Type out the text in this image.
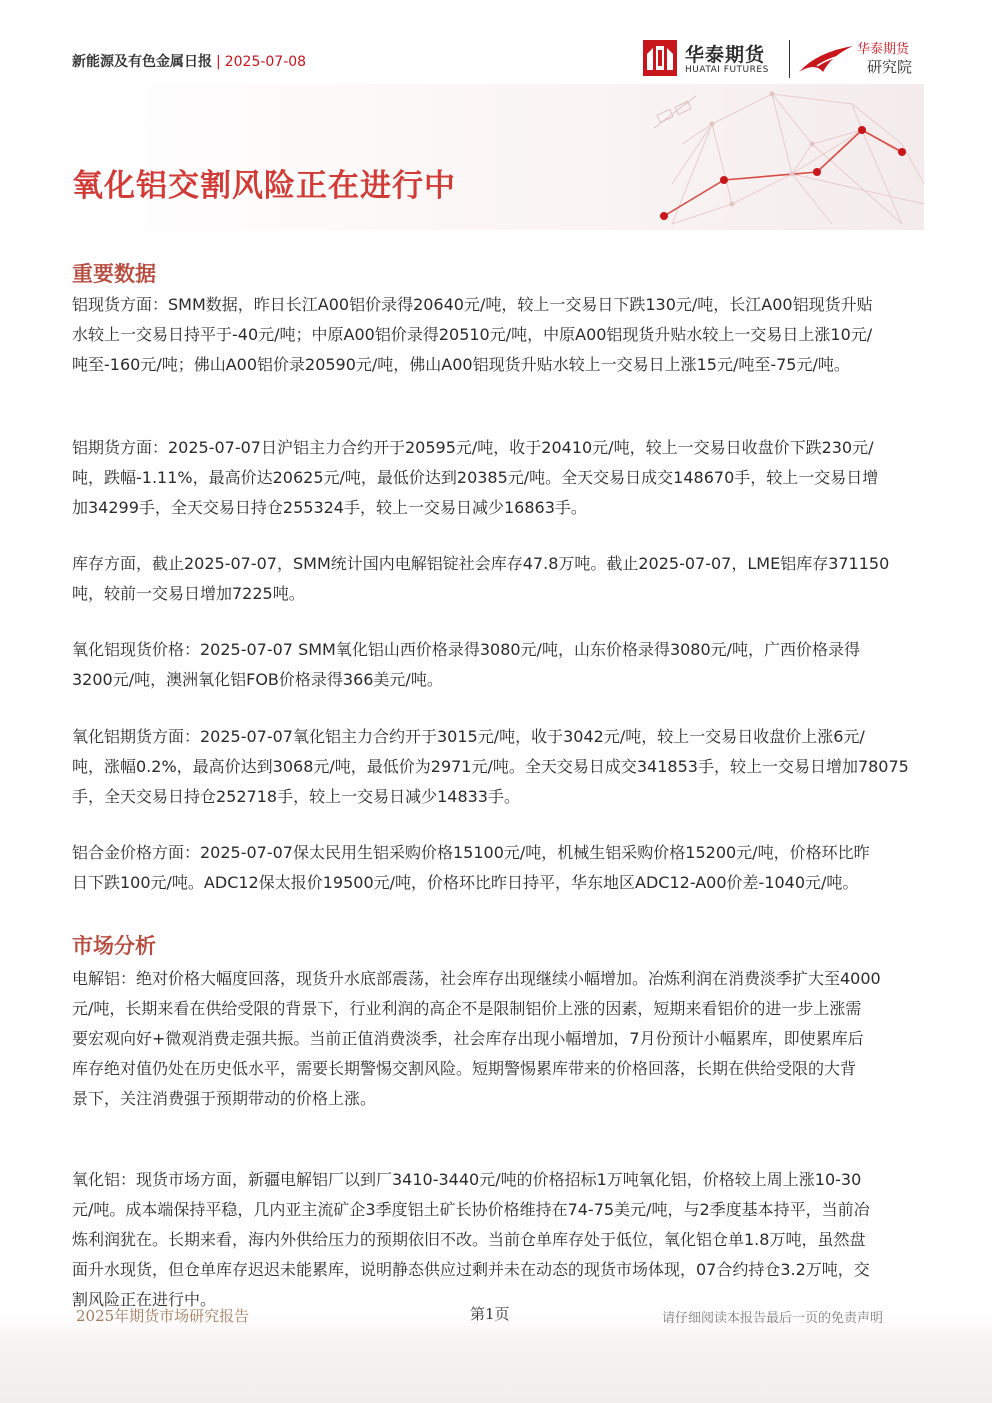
新能源及有色金属日报 | 2025-07-08	华泰期货
HUATAI FUTURES
华泰期货
研究院
氧化铝交割风险正在进行中
重要数据
铝现货方面：SMM数据，昨日长江A00铝价录得20640元/吨，较上一交易日下跌130元/吨，长江A00铝现货升贴
水较上一交易日持平于-40元/吨；中原A00铝价录得20510元/吨，中原A00铝现货升贴水较上一交易日上涨10元/
吨至-160元/吨；佛山A00铝价录20590元/吨，佛山A00铝现货升贴水较上一交易日上涨15元/吨至-75元/吨。
铝期货方面：2025-07-07日沪铝主力合约开于20595元/吨，收于20410元/吨，较上一交易日收盘价下跌230元/
吨，跌幅-1.11%，最高价达20625元/吨，最低价达到20385元/吨。全天交易日成交148670手，较上一交易日增
加34299手，全天交易日持仓255324手，较上一交易日减少16863手。
库存方面，截止2025-07-07，SMM统计国内电解铝锭社会库存47.8万吨。截止2025-07-07，LME铝库存371150
吨，较前一交易日增加7225吨。
氧化铝现货价格：2025-07-07 SMM氧化铝山西价格录得3080元/吨，山东价格录得3080元/吨，广西价格录得
3200元/吨，澳洲氧化铝FOB价格录得366美元/吨。
氧化铝期货方面：2025-07-07氧化铝主力合约开于3015元/吨，收于3042元/吨，较上一交易日收盘价上涨6元/
吨，涨幅0.2%，最高价达到3068元/吨，最低价为2971元/吨。全天交易日成交341853手，较上一交易日增加78075
手，全天交易日持仓252718手，较上一交易日减少14833手。
铝合金价格方面：2025-07-07保太民用生铝采购价格15100元/吨，机械生铝采购价格15200元/吨，价格环比昨
日下跌100元/吨。ADC12保太报价19500元/吨，价格环比昨日持平，华东地区ADC12-A00价差-1040元/吨。
市场分析
电解铝：绝对价格大幅度回落，现货升水底部震荡，社会库存出现继续小幅增加。冶炼利润在消费淡季扩大至4000
元/吨，长期来看在供给受限的背景下，行业利润的高企不是限制铝价上涨的因素，短期来看铝价的进一步上涨需
要宏观向好+微观消费走强共振。当前正值消费淡季，社会库存出现小幅增加，7月份预计小幅累库，即使累库后
库存绝对值仍处在历史低水平，需要长期警惕交割风险。短期警惕累库带来的价格回落，长期在供给受限的大背
景下，关注消费强于预期带动的价格上涨。
氧化铝：现货市场方面，新疆电解铝厂以到厂3410-3440元/吨的价格招标1万吨氧化铝，价格较上周上涨10-30
元/吨。成本端保持平稳，几内亚主流矿企3季度铝土矿长协价格维持在74-75美元/吨，与2季度基本持平，当前冶
炼利润犹在。长期来看，海内外供给压力的预期依旧不改。当前仓单库存处于低位，氧化铝仓单1.8万吨，虽然盘
面升水现货，但仓单库存迟迟未能累库，说明静态供应过剩并未在动态的现货市场体现，07合约持仓3.2万吨，交
割风险正在进行中。
2025年期货市场研究报告	第1页	请仔细阅读本报告最后一页的免责声明
